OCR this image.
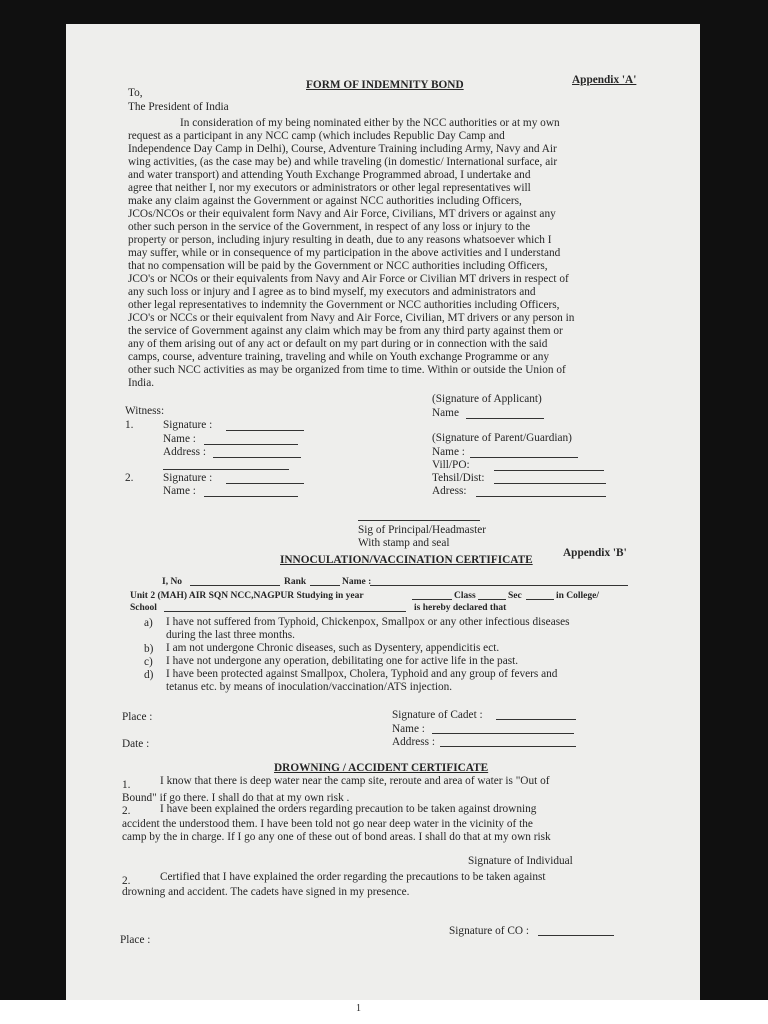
FORM OF INDEMNITY BOND	Appendix 'A'
To,
The President of India
In consideration of my being nominated either by the NCC authorities or at my own
request as a participant in any NCC camp (which includes Republic Day Camp and
Independence Day Camp in Delhi), Course, Adventure Training including Army, Navy and Air
wing activities, (as the case may be) and while traveling (in domestic/ International surface, air
and water transport) and attending Youth Exchange Programmed abroad, I undertake and
agree that neither I, nor my executors or administrators or other legal representatives will
make any claim against the Government or against NCC authorities including Officers,
JCOs/NCOs or their equivalent form Navy and Air Force, Civilians, MT drivers or against any
other such person in the service of the Government, in respect of any loss or injury to the
property or person, including injury resulting in death, due to any reasons whatsoever which I
may suffer, while or in consequence of my participation in the above activities and I understand
that no compensation will be paid by the Government or NCC authorities including Officers,
JCO's or NCOs or their equivalents from Navy and Air Force or Civilian MT drivers in respect of
any such loss or injury and I agree as to bind myself, my executors and administrators and
other legal representatives to indemnity the Government or NCC authorities including Officers,
JCO's or NCCs or their equivalent from Navy and Air Force, Civilian, MT drivers or any person in
the service of Government against any claim which may be from any third party against them or
any of them arising out of any act or default on my part during or in connection with the said
camps, course, adventure training, traveling and while on Youth exchange Programme or any
other such NCC activities as may be organized from time to time. Within or outside the Union of
India.
(Signature of Applicant)
Name
Witness:
1.	Signature :
Name :
Address :
(Signature of Parent/Guardian)
Name :
Vill/PO:
2.	Signature :
Name :
Tehsil/Dist:
Adress:
Sig of Principal/Headmaster
With stamp and seal
INNOCULATION/VACCINATION CERTIFICATE
Appendix 'B'
I, No	Rank	Name :
Unit 2 (MAH) AIR SQN NCC,NAGPUR Studying in year	Class	Sec	in College/
School	is hereby declared that
a) I have not suffered from Typhoid, Chickenpox, Smallpox or any other infectious diseases
during the last three months.
b) I am not undergone Chronic diseases, such as Dysentery, appendicitis ect.
c) I have not undergone any operation, debilitating one for active life in the past.
d) I have been protected against Smallpox, Cholera, Typhoid and any group of fevers and
tetanus etc. by means of inoculation/vaccination/ATS injection.
Place :
Date :
Signature of Cadet :
Name :
Address :
DROWNING / ACCIDENT CERTIFICATE
1.	I know that there is deep water near the camp site, reroute and area of water is "Out of
Bound" if go there. I shall do that at my own risk .
2.	I have been explained the orders regarding precaution to be taken against drowning
accident the understood them. I have been told not go near deep water in the vicinity of the
camp by the in charge. If I go any one of these out of bond areas. I shall do that at my own risk
Signature of Individual
2.	Certified that I have explained the order regarding the precautions to be taken against
drowning and accident. The cadets have signed in my presence.
Place :
Signature of CO :
1
